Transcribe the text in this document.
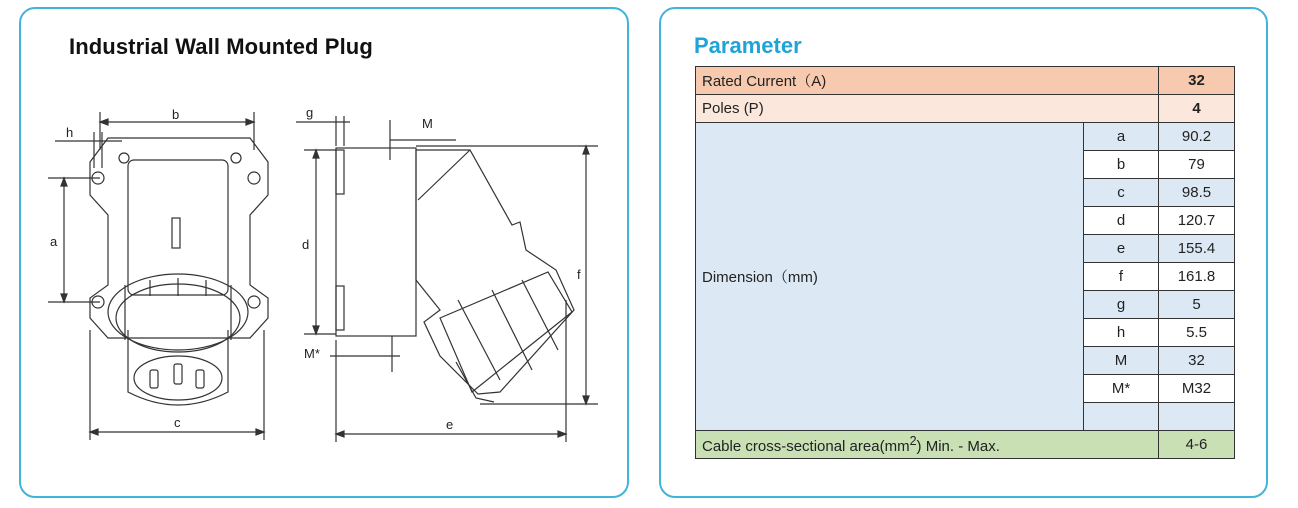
Industrial Wall Mounted Plug
b
h
g
M
a	d
f
M*
c	e
Parameter
Rated Current（A)		32
Poles (P)		4
Dimension（mm)	a	90.2
	b	79
	c	98.5
	d	120.7
	e	155.4
	f	161.8
	g	5
	h	5.5
	M	32
	M*	M32

Cable cross-sectional $area(mm^2)$ Min. - Max.		4-6
